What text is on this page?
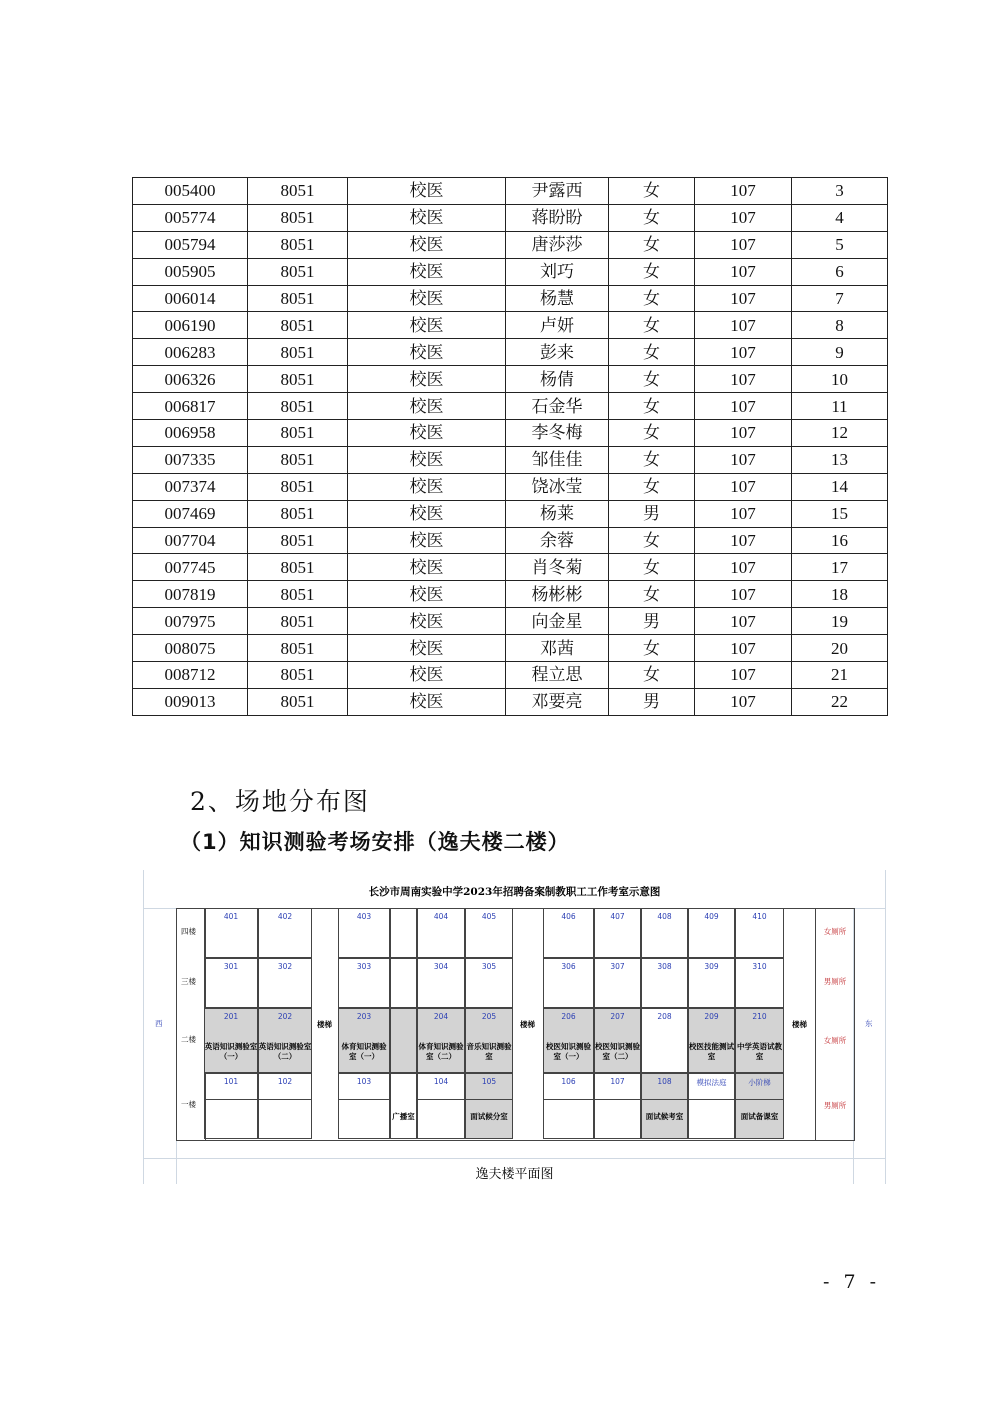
005400	8051	校医	尹露西	女	107	3
005774	8051	校医	蒋盼盼	女	107	4
005794	8051	校医	唐莎莎	女	107	5
005905	8051	校医	刘巧	女	107	6
006014	8051	校医	杨慧	女	107	7
006190	8051	校医	卢妍	女	107	8
006283	8051	校医	彭来	女	107	9
006326	8051	校医	杨倩	女	107	10
006817	8051	校医	石金华	女	107	11
006958	8051	校医	李冬梅	女	107	12
007335	8051	校医	邹佳佳	女	107	13
007374	8051	校医	饶冰莹	女	107	14
007469	8051	校医	杨莱	男	107	15
007704	8051	校医	余蓉	女	107	16
007745	8051	校医	肖冬菊	女	107	17
007819	8051	校医	杨彬彬	女	107	18
007975	8051	校医	向金星	男	107	19
008075	8051	校医	邓茜	女	107	20
008712	8051	校医	程立思	女	107	21
009013	8051	校医	邓要亮	男	107	22
2、场地分布图
（1）知识测验考场安排（逸夫楼二楼）
长沙市周南实验中学2023年招聘备案制教职工工作考室示意图
四楼
三楼
二楼
一楼
西	东
401	402	403	404	405	406	407	408	409	410
301	302	303	304	305	306	307	308	309	310
201	202	203	204	205	206	207	208	209	210
101	102	103	104	105	106	107	108	模拟法庭	小阶梯
英语知识测验室（一）
英语知识测验室（二）
体育知识测验室（一）
体育知识测验室（二）
音乐知识测验室
校医知识测验室（一）
校医知识测验室（二）
校医技能测试室
中学英语试教室
广播室	面试候分室	面试候考室	面试备课室
楼梯	楼梯	楼梯
女厕所
男厕所
女厕所
男厕所
逸夫楼平面图
- 7 -
